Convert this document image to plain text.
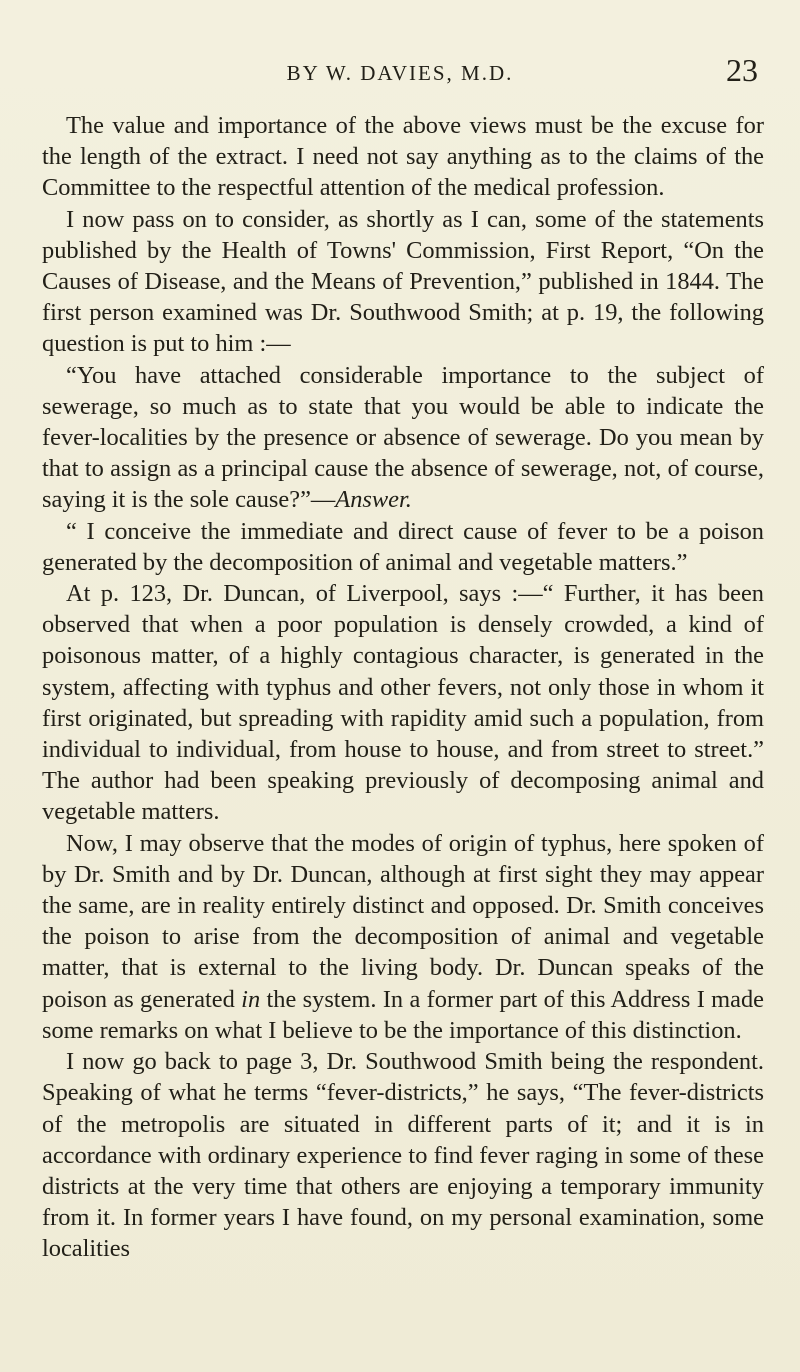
BY W. DAVIES, M.D.	23

The value and importance of the above views must be the excuse for the length of the extract. I need not say anything as to the claims of the Committee to the respectful attention of the medical profession.

I now pass on to consider, as shortly as I can, some of the statements published by the Health of Towns' Commission, First Report, “On the Causes of Disease, and the Means of Prevention,” published in 1844. The first person examined was Dr. Southwood Smith; at p. 19, the following question is put to him :—

“You have attached considerable importance to the subject of sewerage, so much as to state that you would be able to indicate the fever-localities by the presence or absence of sewerage. Do you mean by that to assign as a principal cause the absence of sewerage, not, of course, saying it is the sole cause?”—Answer.

“ I conceive the immediate and direct cause of fever to be a poison generated by the decomposition of animal and vegetable matters.”

At p. 123, Dr. Duncan, of Liverpool, says :—“ Further, it has been observed that when a poor population is densely crowded, a kind of poisonous matter, of a highly contagious character, is generated in the system, affecting with typhus and other fevers, not only those in whom it first originated, but spreading with rapidity amid such a population, from individual to individual, from house to house, and from street to street.” The author had been speaking previously of decomposing animal and vegetable matters.

Now, I may observe that the modes of origin of typhus, here spoken of by Dr. Smith and by Dr. Duncan, although at first sight they may appear the same, are in reality entirely distinct and opposed. Dr. Smith conceives the poison to arise from the decomposition of animal and vegetable matter, that is external to the living body. Dr. Duncan speaks of the poison as generated in the system. In a former part of this Address I made some remarks on what I believe to be the importance of this distinction.

I now go back to page 3, Dr. Southwood Smith being the respondent. Speaking of what he terms “fever-districts,” he says, “The fever-districts of the metropolis are situated in different parts of it; and it is in accordance with ordinary experience to find fever raging in some of these districts at the very time that others are enjoying a temporary immunity from it. In former years I have found, on my personal examination, some localities
